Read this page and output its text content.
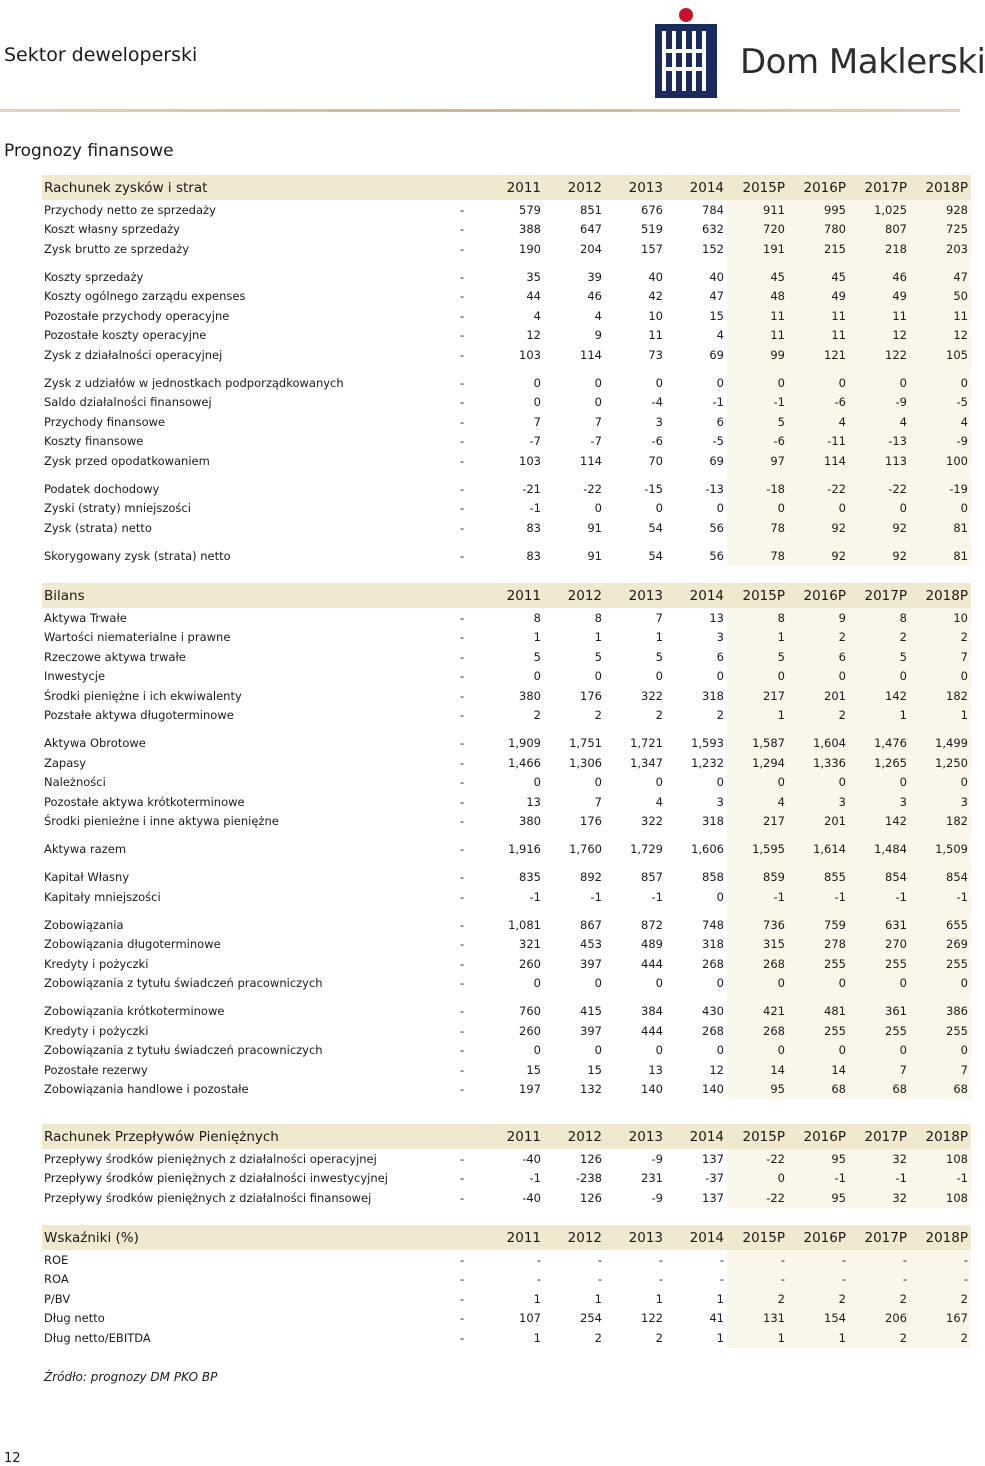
Sektor deweloperski	Dom Maklerski
Prognozy finansowe
Rachunek zysków i strat		2011	2012	2013	2014	2015P	2016P	2017P	2018P
Przychody netto ze sprzedaży	-	579	851	676	784	911	995	1,025	928
Koszt własny sprzedaży	-	388	647	519	632	720	780	807	725
Zysk brutto ze sprzedaży	-	190	204	157	152	191	215	218	203

Koszty sprzedaży	-	35	39	40	40	45	45	46	47
Koszty ogólnego zarządu expenses	-	44	46	42	47	48	49	49	50
Pozostałe przychody operacyjne	-	4	4	10	15	11	11	11	11
Pozostałe koszty operacyjne	-	12	9	11	4	11	11	12	12
Zysk z działalności operacyjnej	-	103	114	73	69	99	121	122	105

Zysk z udziałów w jednostkach podporządkowanych	-	0	0	0	0	0	0	0	0
Saldo działalności finansowej	-	0	0	-4	-1	-1	-6	-9	-5
Przychody finansowe	-	7	7	3	6	5	4	4	4
Koszty finansowe	-	-7	-7	-6	-5	-6	-11	-13	-9
Zysk przed opodatkowaniem	-	103	114	70	69	97	114	113	100

Podatek dochodowy	-	-21	-22	-15	-13	-18	-22	-22	-19
Zyski (straty) mniejszości	-	-1	0	0	0	0	0	0	0
Zysk (strata) netto	-	83	91	54	56	78	92	92	81

Skorygowany zysk (strata) netto	-	83	91	54	56	78	92	92	81
Bilans		2011	2012	2013	2014	2015P	2016P	2017P	2018P
Aktywa Trwałe	-	8	8	7	13	8	9	8	10
Wartości niematerialne i prawne	-	1	1	1	3	1	2	2	2
Rzeczowe aktywa trwałe	-	5	5	5	6	5	6	5	7
Inwestycje	-	0	0	0	0	0	0	0	0
Środki pieniężne i ich ekwiwalenty	-	380	176	322	318	217	201	142	182
Pozstałe aktywa długoterminowe	-	2	2	2	2	1	2	1	1

Aktywa Obrotowe	-	1,909	1,751	1,721	1,593	1,587	1,604	1,476	1,499
Zapasy	-	1,466	1,306	1,347	1,232	1,294	1,336	1,265	1,250
Należności	-	0	0	0	0	0	0	0	0
Pozostałe aktywa krótkoterminowe	-	13	7	4	3	4	3	3	3
Środki pienieżne i inne aktywa pieniężne	-	380	176	322	318	217	201	142	182

Aktywa razem	-	1,916	1,760	1,729	1,606	1,595	1,614	1,484	1,509

Kapitał Własny	-	835	892	857	858	859	855	854	854
Kapitały mniejszości	-	-1	-1	-1	0	-1	-1	-1	-1

Zobowiązania	-	1,081	867	872	748	736	759	631	655
Zobowiązania długoterminowe	-	321	453	489	318	315	278	270	269
Kredyty i pożyczki	-	260	397	444	268	268	255	255	255
Zobowiązania z tytułu świadczeń pracowniczych	-	0	0	0	0	0	0	0	0

Zobowiązania krótkoterminowe	-	760	415	384	430	421	481	361	386
Kredyty i pożyczki	-	260	397	444	268	268	255	255	255
Zobowiązania z tytułu świadczeń pracowniczych	-	0	0	0	0	0	0	0	0
Pozostałe rezerwy	-	15	15	13	12	14	14	7	7
Zobowiązania handlowe i pozostałe	-	197	132	140	140	95	68	68	68
Rachunek Przepływów Pieniężnych		2011	2012	2013	2014	2015P	2016P	2017P	2018P
Przepływy środków pieniężnych z działalności operacyjnej	-	-40	126	-9	137	-22	95	32	108
Przepływy środków pieniężnych z działalności inwestycyjnej	-	-1	-238	231	-37	0	-1	-1	-1
Przepływy środków pieniężnych z działalności finansowej	-	-40	126	-9	137	-22	95	32	108
Wskaźniki (%)		2011	2012	2013	2014	2015P	2016P	2017P	2018P
ROE	-	-	-	-	-	-	-	-	-
ROA	-	-	-	-	-	-	-	-	-
P/BV	-	1	1	1	1	2	2	2	2
Dług netto	-	107	254	122	41	131	154	206	167
Dług netto/EBITDA	-	1	2	2	1	1	1	2	2
Źródło: prognozy DM PKO BP
12
